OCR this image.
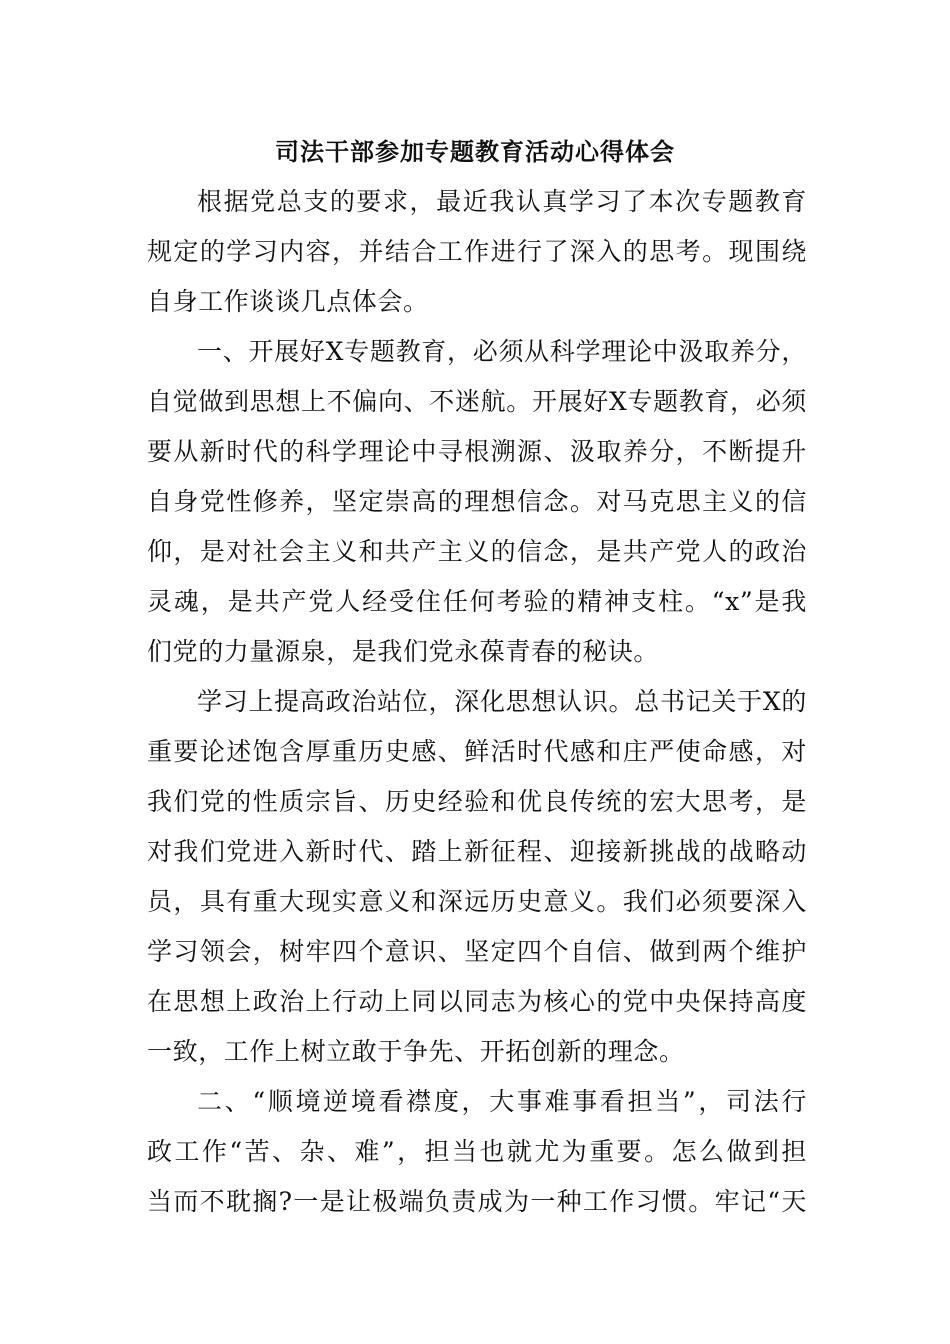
司法干部参加专题教育活动心得体会
根据党总支的要求，最近我认真学习了本次专题教育
规定的学习内容，并结合工作进行了深入的思考。现围绕
自身工作谈谈几点体会。
一、开展好X专题教育，必须从科学理论中汲取养分，
自觉做到思想上不偏向、不迷航。开展好X专题教育，必须
要从新时代的科学理论中寻根溯源、汲取养分，不断提升
自身党性修养，坚定崇高的理想信念。对马克思主义的信
仰，是对社会主义和共产主义的信念，是共产党人的政治
灵魂，是共产党人经受住任何考验的精神支柱。“x”是我
们党的力量源泉，是我们党永葆青春的秘诀。
学习上提高政治站位，深化思想认识。总书记关于X的
重要论述饱含厚重历史感、鲜活时代感和庄严使命感，对
我们党的性质宗旨、历史经验和优良传统的宏大思考，是
对我们党进入新时代、踏上新征程、迎接新挑战的战略动
员，具有重大现实意义和深远历史意义。我们必须要深入
学习领会，树牢四个意识、坚定四个自信、做到两个维护
在思想上政治上行动上同以同志为核心的党中央保持高度
一致，工作上树立敢于争先、开拓创新的理念。
二、“顺境逆境看襟度，大事难事看担当”，司法行
政工作“苦、杂、难”，担当也就尤为重要。怎么做到担
当而不耽搁?一是让极端负责成为一种工作习惯。牢记“天
